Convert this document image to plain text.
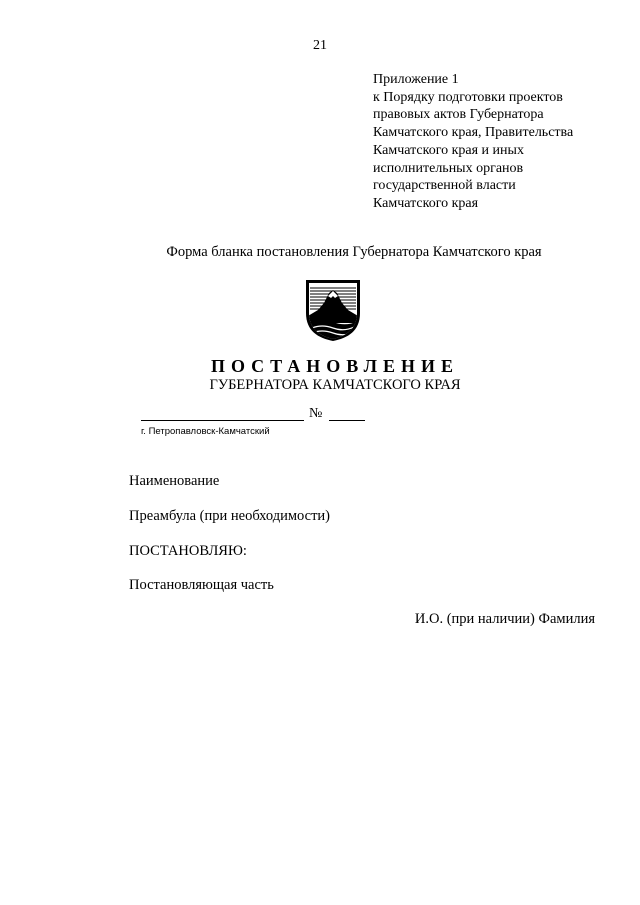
21
Приложение 1
к Порядку подготовки проектов
правовых актов Губернатора
Камчатского края, Правительства
Камчатского края и иных
исполнительных органов
государственной власти
Камчатского края
Форма бланка постановления Губернатора Камчатского края
ПОСТАНОВЛЕНИЕ
ГУБЕРНАТОРА КАМЧАТСКОГО КРАЯ
№
г. Петропавловск-Камчатский
Наименование
Преамбула (при необходимости)
ПОСТАНОВЛЯЮ:
Постановляющая часть
И.О. (при наличии) Фамилия
